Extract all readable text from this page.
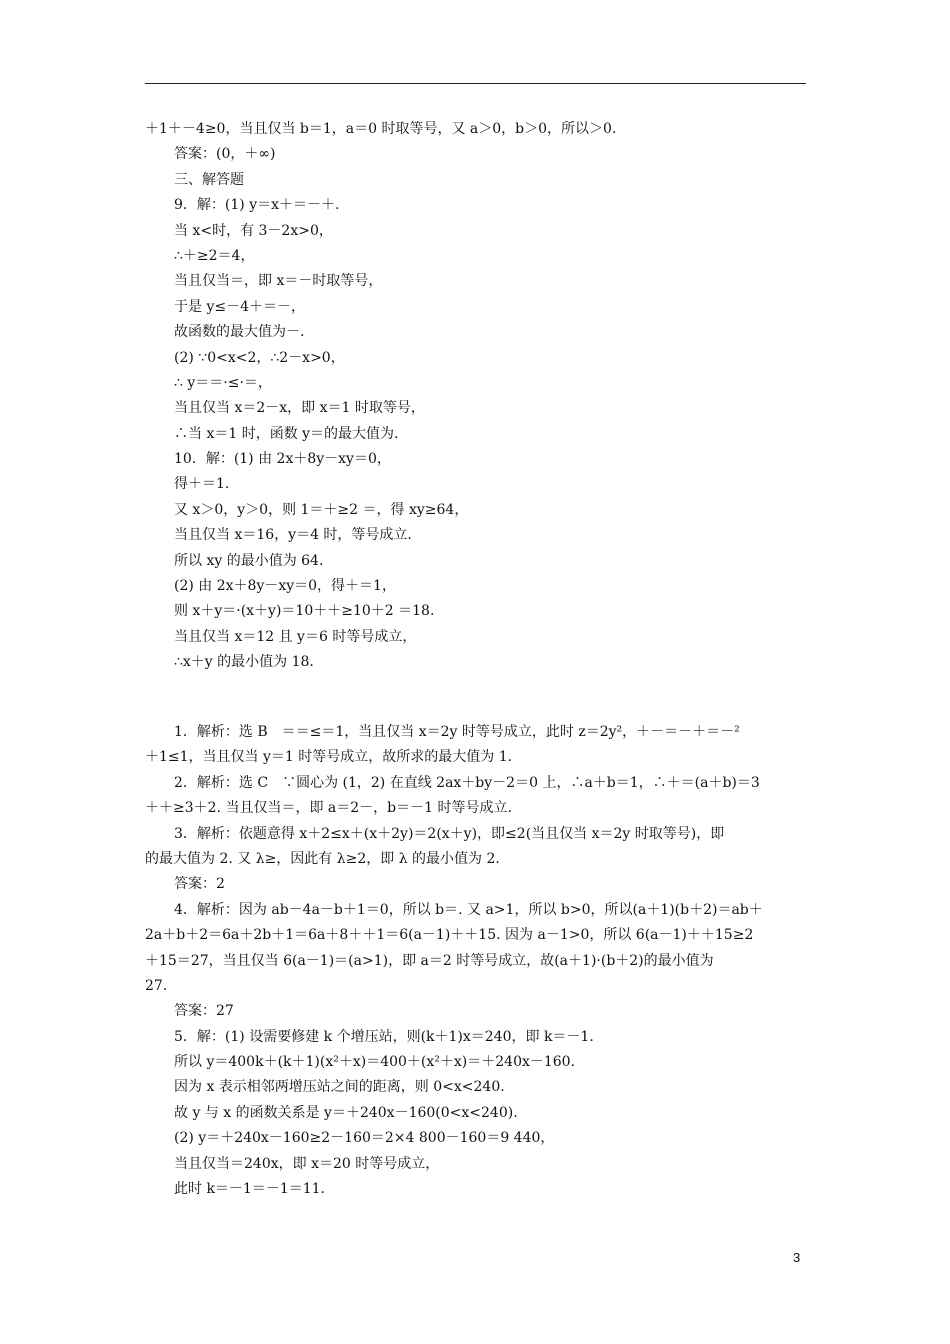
＋1＋－4≥0，当且仅当 b＝1，a＝0 时取等号，又 a＞0，b＞0，所以＞0.
答案：(0，＋∞)
三、解答题
9．解：(1) y＝x＋＝－＋.
当 x<时，有 3－2x>0，
∴＋≥2＝4，
当且仅当＝，即 x＝－时取等号，
于是 y≤－4＋＝－，
故函数的最大值为－.
(2) ∵0<x<2，∴2－x>0，
∴ y＝＝·≤·＝，
当且仅当 x＝2－x，即 x＝1 时取等号，
∴当 x＝1 时，函数 y＝的最大值为.
10．解：(1) 由 2x＋8y－xy＝0，
得＋＝1.
又 x＞0，y＞0，则 1＝＋≥2 ＝，得 xy≥64，
当且仅当 x＝16，y＝4 时，等号成立.
所以 xy 的最小值为 64.
(2) 由 2x＋8y－xy＝0，得＋＝1，
则 x＋y＝·(x＋y)＝10＋＋≥10＋2 ＝18.
当且仅当 x＝12 且 y＝6 时等号成立，
∴x＋y 的最小值为 18.
1．解析：选 B　＝＝≤＝1，当且仅当 x＝2y 时等号成立，此时 z＝2y²，＋－＝－＋＝－²
＋1≤1，当且仅当 y＝1 时等号成立，故所求的最大值为 1.
2．解析：选 C　∵圆心为 (1，2) 在直线 2ax＋by－2＝0 上，∴a＋b＝1，∴＋＝(a＋b)＝3
＋＋≥3＋2. 当且仅当＝，即 a＝2－，b＝－1 时等号成立.
3．解析：依题意得 x＋2≤x＋(x＋2y)＝2(x＋y)，即≤2(当且仅当 x＝2y 时取等号)，即
的最大值为 2. 又 λ≥，因此有 λ≥2，即 λ 的最小值为 2.
答案：2
4．解析：因为 ab－4a－b＋1＝0，所以 b＝. 又 a>1，所以 b>0，所以(a＋1)(b＋2)＝ab＋
2a＋b＋2＝6a＋2b＋1＝6a＋8＋＋1＝6(a－1)＋＋15. 因为 a－1>0，所以 6(a－1)＋＋15≥2
＋15＝27，当且仅当 6(a－1)＝(a>1)，即 a＝2 时等号成立，故(a＋1)·(b＋2)的最小值为
27.
答案：27
5．解：(1) 设需要修建 k 个增压站，则(k＋1)x＝240，即 k＝－1.
所以 y＝400k＋(k＋1)(x²＋x)＝400＋(x²＋x)＝＋240x－160.
因为 x 表示相邻两增压站之间的距离，则 0<x<240.
故 y 与 x 的函数关系是 y＝＋240x－160(0<x<240).
(2) y＝＋240x－160≥2－160＝2×4 800－160＝9 440，
当且仅当＝240x，即 x＝20 时等号成立，
此时 k＝－1＝－1＝11.
3
